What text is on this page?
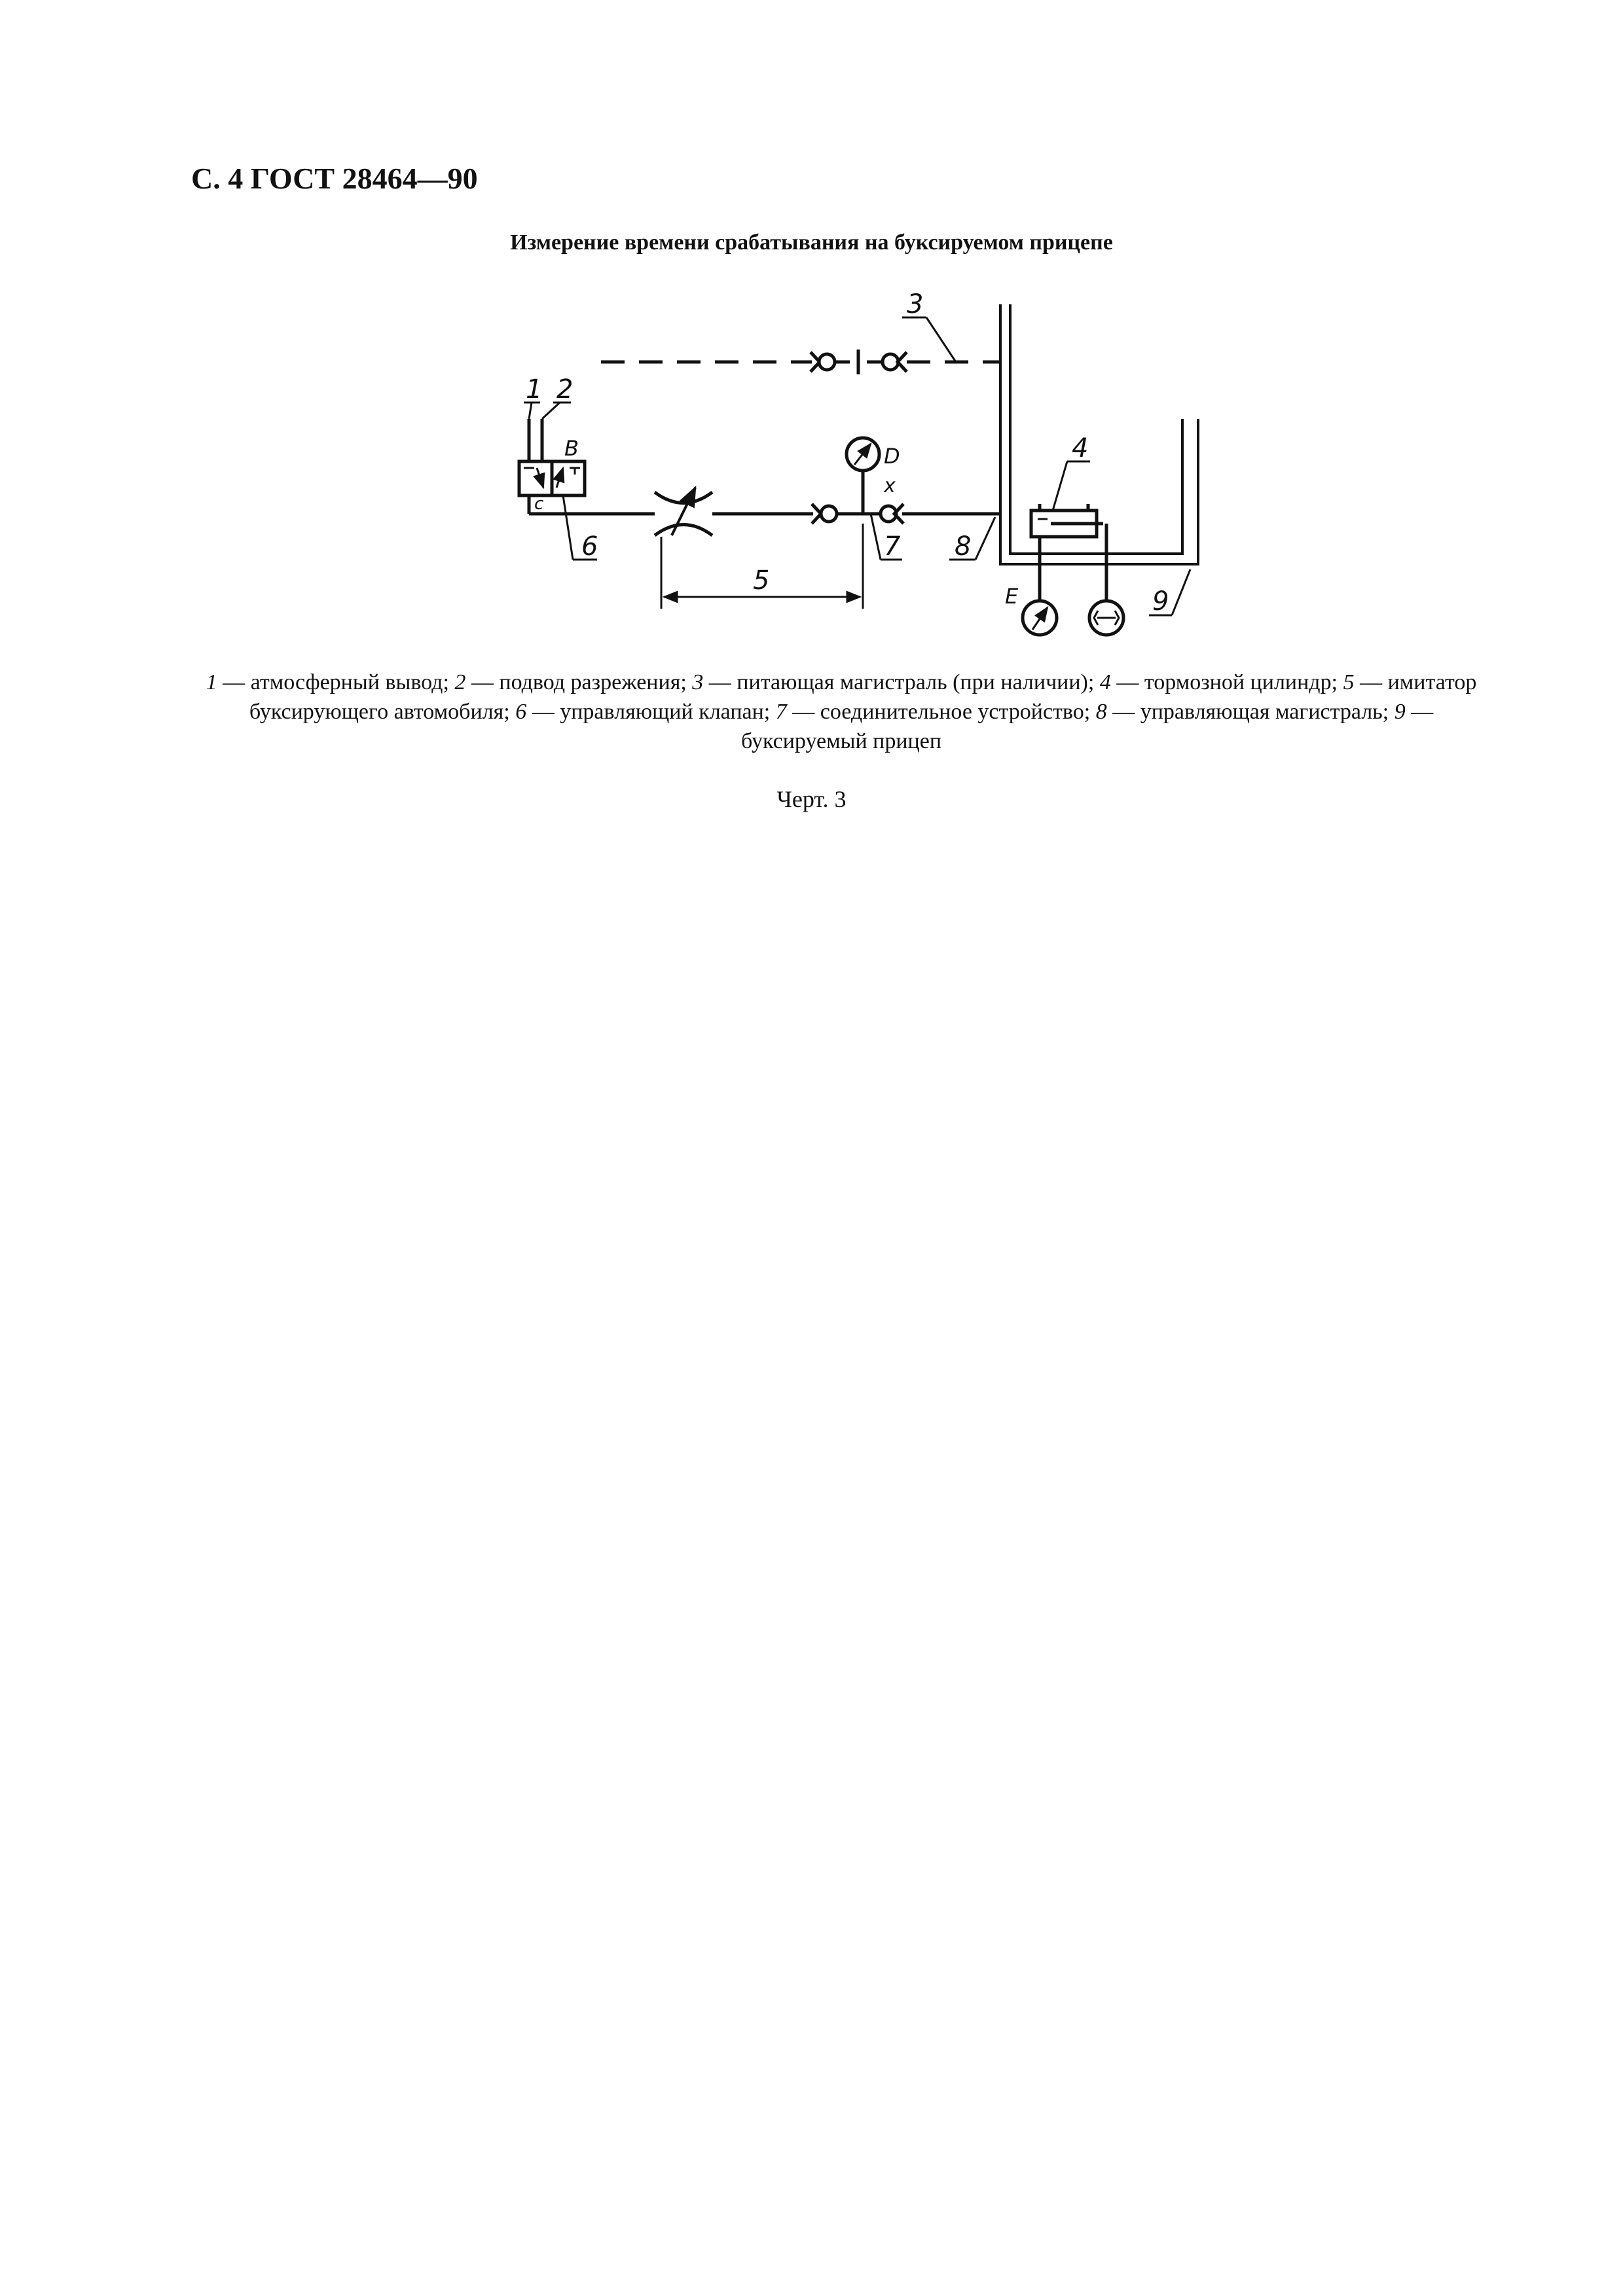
С. 4 ГОСТ 28464—90
Измерение времени срабатывания на буксируемом прицепе
1 2
3
4
5
6	7 8
9
B
c
D
x
E
1 — атмосферный вывод; 2 — подвод разрежения; 3 — питающая магистраль (при наличии); 4 — тормозной цилиндр; 5 — имитатор буксирующего автомобиля; 6 — управляющий клапан; 7 — соединительное устройство; 8 — управляющая магистраль; 9 — буксируемый прицеп
Черт. 3
